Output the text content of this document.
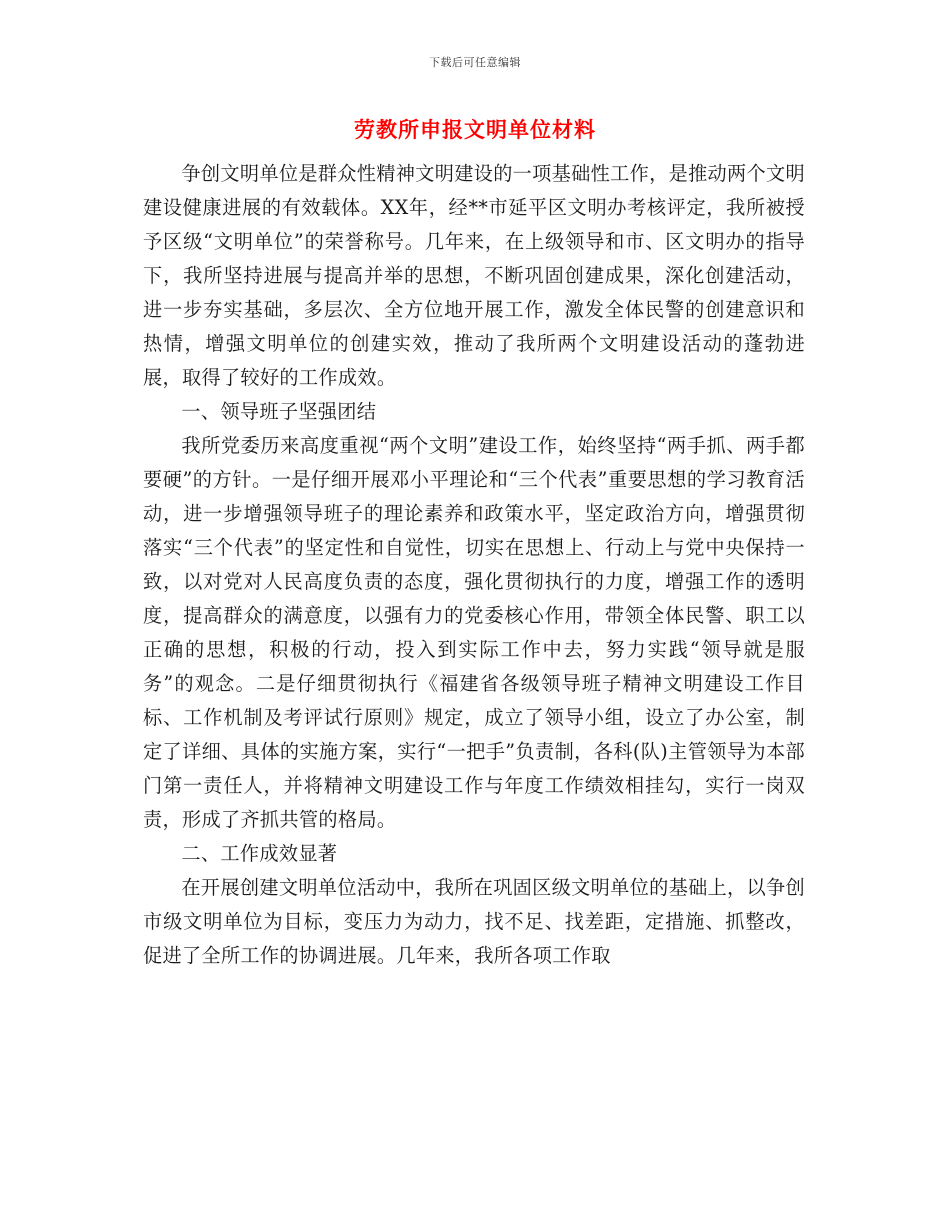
下载后可任意编辑
劳教所申报文明单位材料

争创文明单位是群众性精神文明建设的一项基础性工作，是推动两个文明建设健康进展的有效载体。XX年，经**市延平区文明办考核评定，我所被授予区级“文明单位”的荣誉称号。几年来，在上级领导和市、区文明办的指导下，我所坚持进展与提高并举的思想，不断巩固创建成果，深化创建活动，进一步夯实基础，多层次、全方位地开展工作，激发全体民警的创建意识和热情，增强文明单位的创建实效，推动了我所两个文明建设活动的蓬勃进展，取得了较好的工作成效。

一、领导班子坚强团结

我所党委历来高度重视“两个文明”建设工作，始终坚持“两手抓、两手都要硬”的方针。一是仔细开展邓小平理论和“三个代表”重要思想的学习教育活动，进一步增强领导班子的理论素养和政策水平，坚定政治方向，增强贯彻落实“三个代表”的坚定性和自觉性，切实在思想上、行动上与党中央保持一致，以对党对人民高度负责的态度，强化贯彻执行的力度，增强工作的透明度，提高群众的满意度，以强有力的党委核心作用，带领全体民警、职工以正确的思想，积极的行动，投入到实际工作中去，努力实践“领导就是服务”的观念。二是仔细贯彻执行《福建省各级领导班子精神文明建设工作目标、工作机制及考评试行原则》规定，成立了领导小组，设立了办公室，制定了详细、具体的实施方案，实行“一把手”负责制，各科(队)主管领导为本部门第一责任人，并将精神文明建设工作与年度工作绩效相挂勾，实行一岗双责，形成了齐抓共管的格局。

二、工作成效显著

在开展创建文明单位活动中，我所在巩固区级文明单位的基础上，以争创市级文明单位为目标，变压力为动力，找不足、找差距，定措施、抓整改，促进了全所工作的协调进展。几年来，我所各项工作取
